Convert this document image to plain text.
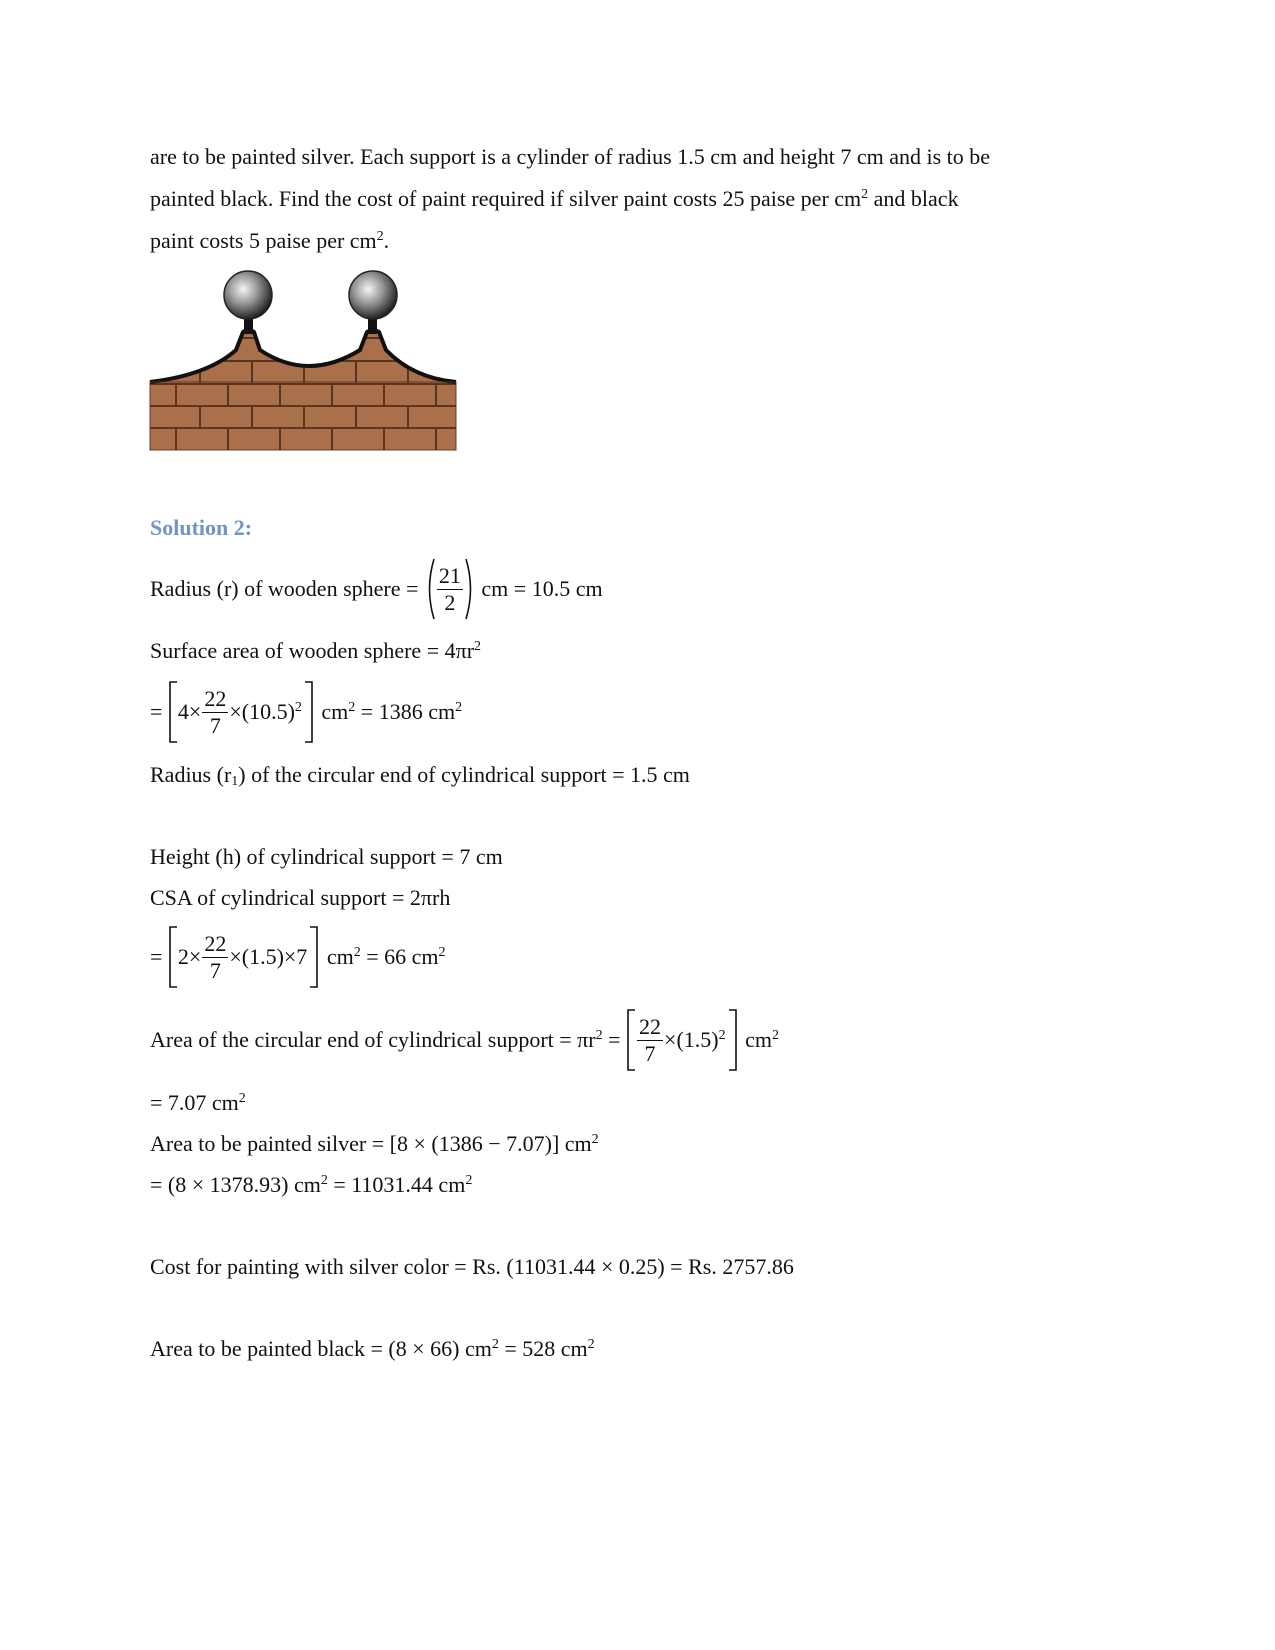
are to be painted silver. Each support is a cylinder of radius 1.5 cm and height 7 cm and is to be
painted black. Find the cost of paint required if silver paint costs 25 paise per $cm^2$ and black
paint costs 5 paise per $cm^2$.
Solution 2:
Radius (r) of wooden sphere = $\frac{21}{2}$ cm = 10.5 cm
Surface area of wooden sphere = $4\pi r^2$
= $4\times \frac{22}{7} \times(10.5)^2$ $cm^2 = 1386$ $cm^2$
Radius $(r_1)$ of the circular end of cylindrical support = 1.5 cm
Height (h) of cylindrical support = 7 cm
CSA of cylindrical support = 2πrh
= $2\times \frac{22}{7} \times(1.5)\times 7$ $cm^2 = 66$ $cm^2$
Area of the circular end of cylindrical support = $\pi r^2 = \frac{22}{7} \times(1.5)^2$ $cm^2$
= 7.07 $cm^2$
Area to be painted silver = [8 × (1386 − 7.07)] $cm^2$
= (8 × 1378.93) $cm^2 = 11031.44$ $cm^2$
Cost for painting with silver color = Rs. (11031.44 × 0.25) = Rs. 2757.86
Area to be painted black = (8 × 66) $cm^2 = 528$ $cm^2$
